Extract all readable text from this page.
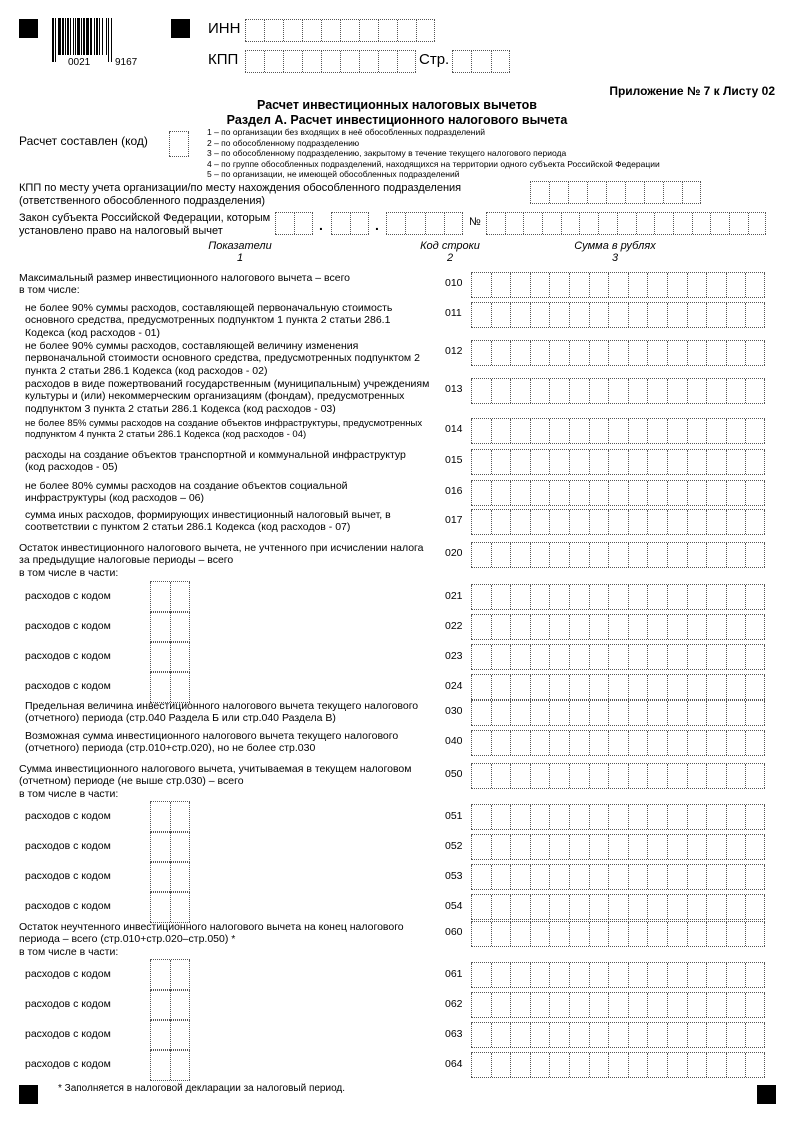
0021 9167
ИНН
КПП	Стр.
Приложение № 7 к Листу 02
Расчет инвестиционных налоговых вычетов
Раздел А. Расчет инвестиционного налогового вычета
Расчет составлен (код)
1 – по организации без входящих в неё обособленных подразделений
2 – по обособленному подразделению
3 – по обособленному подразделению, закрытому в течение текущего налогового периода
4 – по группе обособленных подразделений, находящихся на территории одного субъекта Российской Федерации
5 – по организации, не имеющей обособленных подразделений
КПП по месту учета организации/по месту нахождения обособленного подразделения
(ответственного обособленного подразделения)
Закон субъекта Российской Федерации, которым
установлено право на налоговый вычет	.	.	№
Показатели
1
Код строки
2
Сумма в рублях
3
Максимальный размер инвестиционного налогового вычета – всего
в том числе:
010
не более 90% суммы расходов, составляющей первоначальную стоимость
основного средства, предусмотренных подпунктом 1 пункта 2 статьи 286.1
Кодекса (код расходов - 01)
011
не более 90% суммы расходов, составляющей величину изменения
первоначальной стоимости основного средства, предусмотренных подпунктом 2
пункта 2 статьи 286.1 Кодекса (код расходов - 02)
012
расходов в виде пожертвований государственным (муниципальным) учреждениям
культуры и (или) некоммерческим организациям (фондам), предусмотренных
подпунктом 3 пункта 2 статьи 286.1 Кодекса (код расходов - 03)
013
не более 85% суммы расходов на создание объектов инфраструктуры, предусмотренных
подпунктом 4 пункта 2 статьи 286.1 Кодекса (код расходов - 04)	014
расходы на создание объектов транспортной и коммунальной инфраструктур
(код расходов - 05)
015
не более 80% суммы расходов на создание объектов социальной
инфраструктуры (код расходов – 06)
016
сумма иных расходов, формирующих инвестиционный налоговый вычет, в
соответствии с пунктом 2 статьи 286.1 Кодекса (код расходов - 07)
017
Остаток инвестиционного налогового вычета, не учтенного при исчислении налога
за предыдущие налоговые периоды – всего
в том числе в части:
020
расходов с кодом	021
расходов с кодом	022
расходов с кодом	023
расходов с кодом	024
Предельная величина инвестиционного налогового вычета текущего налогового
(отчетного) периода (стр.040 Раздела Б или стр.040 Раздела В)
030
Возможная сумма инвестиционного налогового вычета текущего налогового
(отчетного) периода (стр.010+стр.020), но не более стр.030
040
Сумма инвестиционного налогового вычета, учитываемая в текущем налоговом
(отчетном) периоде (не выше стр.030) – всего
в том числе в части:
050
расходов с кодом	051
расходов с кодом	052
расходов с кодом	053
расходов с кодом	054
Остаток неучтенного инвестиционного налогового вычета на конец налогового
периода – всего (стр.010+стр.020–стр.050) *
в том числе в части:
060
расходов с кодом	061
расходов с кодом	062
расходов с кодом	063
расходов с кодом	064
* Заполняется в налоговой декларации за налоговый период.
